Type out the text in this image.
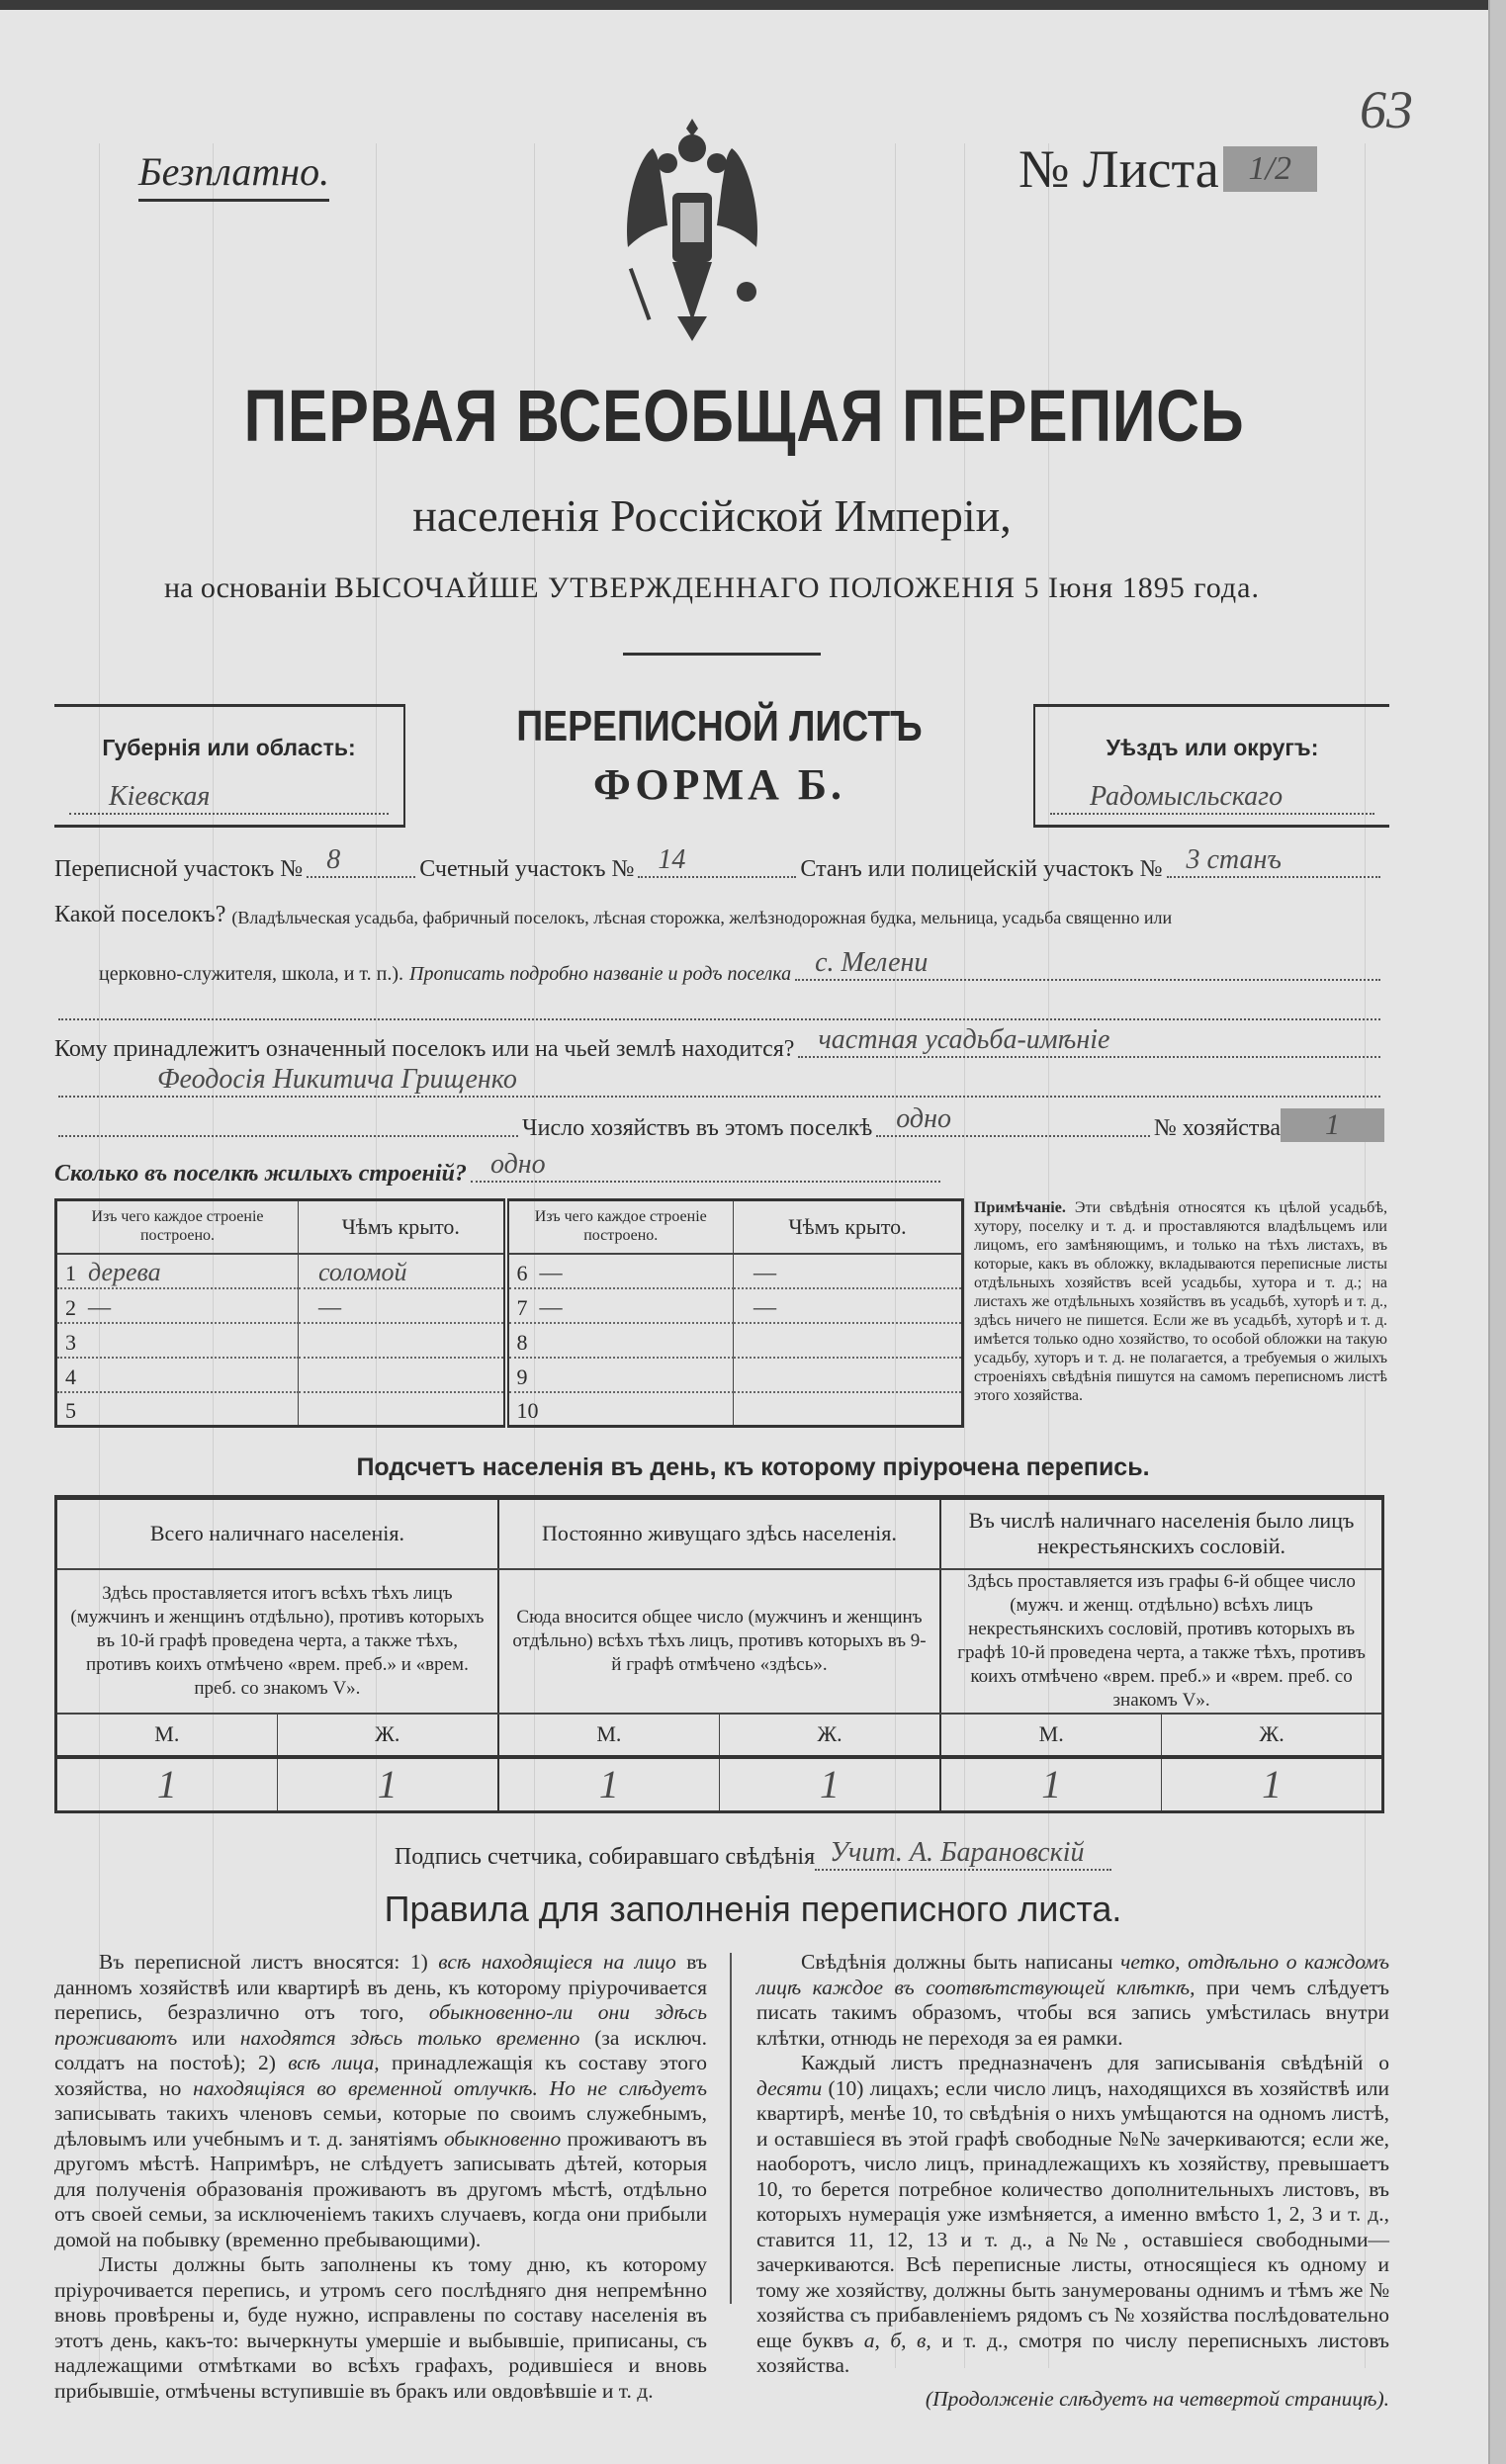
Безплатно.	№ Листа 1/2
63
ПЕРВАЯ ВСЕОБЩАЯ ПЕРЕПИСЬ
населенія Россійской Имперіи,
на основаніи ВЫСОЧАЙШЕ УТВЕРЖДЕННАГО ПОЛОЖЕНІЯ 5 Іюня 1895 года.
Губернія или область:
Кіевская
ПЕРЕПИСНОЙ ЛИСТЪ
ФОРМА Б.
Уѣздъ или округъ:
Радомысльскаго
Переписной участокъ № 8	Счетный участокъ № 14	Станъ или полицейскій участокъ № 3 станъ
Какой поселокъ?
(Владѣльческая усадьба, фабричный поселокъ, лѣсная сторожка, желѣзнодорожная будка, мельница, усадьба священно или
церковно-служителя, школа, и т. п.).
Прописать подробно названіе и родъ поселка с. Мелени
Кому принадлежитъ означенный поселокъ или на чьей землѣ находится? частная усадьба-имѣніе
Феодосія Никитича Грищенко
Число хозяйствъ въ этомъ поселкѣ одно	№ хозяйства	1
Сколько въ поселкѣ жилыхъ строеній? одно
Изъ чего каждое строеніе построено.	Чѣмъ крыто.	Изъ чего каждое строеніе построено.	Чѣмъ крыто.
1 дерева	соломой	6 —	—
2 —	—	7 —	—
3		8	
4		9	
5		10	
Примѣчаніе. Эти свѣдѣнія относятся къ цѣлой усадьбѣ, хутору, поселку и т. д. и проставляются владѣльцемъ или лицомъ, его замѣняющимъ, и только на тѣхъ листахъ, въ которые, какъ въ обложку, вкладываются переписные листы отдѣльныхъ хозяйствъ всей усадьбы, хутора и т. д.; на листахъ же отдѣльныхъ хозяйствъ въ усадьбѣ, хуторѣ и т. д., здѣсь ничего не пишется. Если же въ усадьбѣ, хуторѣ и т. д. имѣется только одно хозяйство, то особой обложки на такую усадьбу, хуторъ и т. д. не полагается, а требуемыя о жилыхъ строеніяхъ свѣдѣнія пишутся на самомъ переписномъ листѣ этого хозяйства.
Подсчетъ населенія въ день, къ которому пріурочена перепись.
Всего наличнаго населенія.		Постоянно живущаго здѣсь населенія.		Въ числѣ наличнаго населенія было лицъ некрестьянскихъ сословій.	
Здѣсь проставляется итогъ всѣхъ тѣхъ лицъ (мужчинъ и женщинъ отдѣльно), противъ которыхъ въ 10-й графѣ проведена черта, а также тѣхъ, противъ коихъ отмѣчено «врем. преб.» и «врем. преб. со знакомъ V».		Сюда вносится общее число (мужчинъ и женщинъ отдѣльно) всѣхъ тѣхъ лицъ, противъ которыхъ въ 9-й графѣ отмѣчено «здѣсь».		Здѣсь проставляется изъ графы 6-й общее число (мужч. и женщ. отдѣльно) всѣхъ лицъ некрестьянскихъ сословій, противъ которыхъ въ графѣ 10-й проведена черта, а также тѣхъ, противъ коихъ отмѣчено «врем. преб.» и «врем. преб. со знакомъ V».	
М.	Ж.	М.	Ж.	М.	Ж.
1	1	1	1	1	1
Подпись счетчика, собиравшаго свѣдѣнія Учит. А. Барановскій
Правила для заполненія переписного листа.

Въ переписной листъ вносятся: 1) всѣ находящіеся на лицо въ данномъ хозяйствѣ или квартирѣ въ день, къ которому пріурочивается перепись, безразлично отъ того, обыкновенно-ли они здѣсь проживаютъ или находятся здѣсь только временно (за исключ. солдатъ на постоѣ); 2) всѣ лица, принадлежащія къ составу этого хозяйства, но находящіяся во временной отлучкѣ. Но не слѣдуетъ записывать такихъ членовъ семьи, которые по своимъ служебнымъ, дѣловымъ или учебнымъ и т. д. занятіямъ обыкновенно проживаютъ въ другомъ мѣстѣ. Напримѣръ, не слѣдуетъ записывать дѣтей, которыя для полученія образованія проживаютъ въ другомъ мѣстѣ, отдѣльно отъ своей семьи, за исключеніемъ такихъ случаевъ, когда они прибыли домой на побывку (временно пребывающими).

Листы должны быть заполнены къ тому дню, къ которому пріурочивается перепись, и утромъ сего послѣдняго дня непремѣнно вновь провѣрены и, буде нужно, исправлены по составу населенія въ этотъ день, какъ-то: вычеркнуты умершіе и выбывшіе, приписаны, съ надлежащими отмѣтками во всѣхъ графахъ, родившіеся и вновь прибывшіе, отмѣчены вступившіе въ бракъ или овдовѣвшіе и т. д.

Свѣдѣнія должны быть написаны четко, отдѣльно о каждомъ лицѣ каждое въ соотвѣтствующей клѣткѣ, при чемъ слѣдуетъ писать такимъ образомъ, чтобы вся запись умѣстилась внутри клѣтки, отнюдь не переходя за ея рамки.

Каждый листъ предназначенъ для записыванія свѣдѣній о десяти (10) лицахъ; если число лицъ, находящихся въ хозяйствѣ или квартирѣ, менѣе 10, то свѣдѣнія о нихъ умѣщаются на одномъ листѣ, и оставшіеся въ этой графѣ свободные №№ зачеркиваются; если же, наоборотъ, число лицъ, принадлежащихъ къ хозяйству, превышаетъ 10, то берется потребное количество дополнительныхъ листовъ, въ которыхъ нумерація уже измѣняется, а именно вмѣсто 1, 2, 3 и т. д., ставится 11, 12, 13 и т. д., а №№, оставшіеся свободными—зачеркиваются. Всѣ переписные листы, относящіеся къ одному и тому же хозяйству, должны быть занумерованы однимъ и тѣмъ же № хозяйства съ прибавленіемъ рядомъ съ № хозяйства послѣдовательно еще буквъ а, б, в, и т. д., смотря по числу переписныхъ листовъ хозяйства.

(Продолженіе слѣдуетъ на четвертой страницѣ).
